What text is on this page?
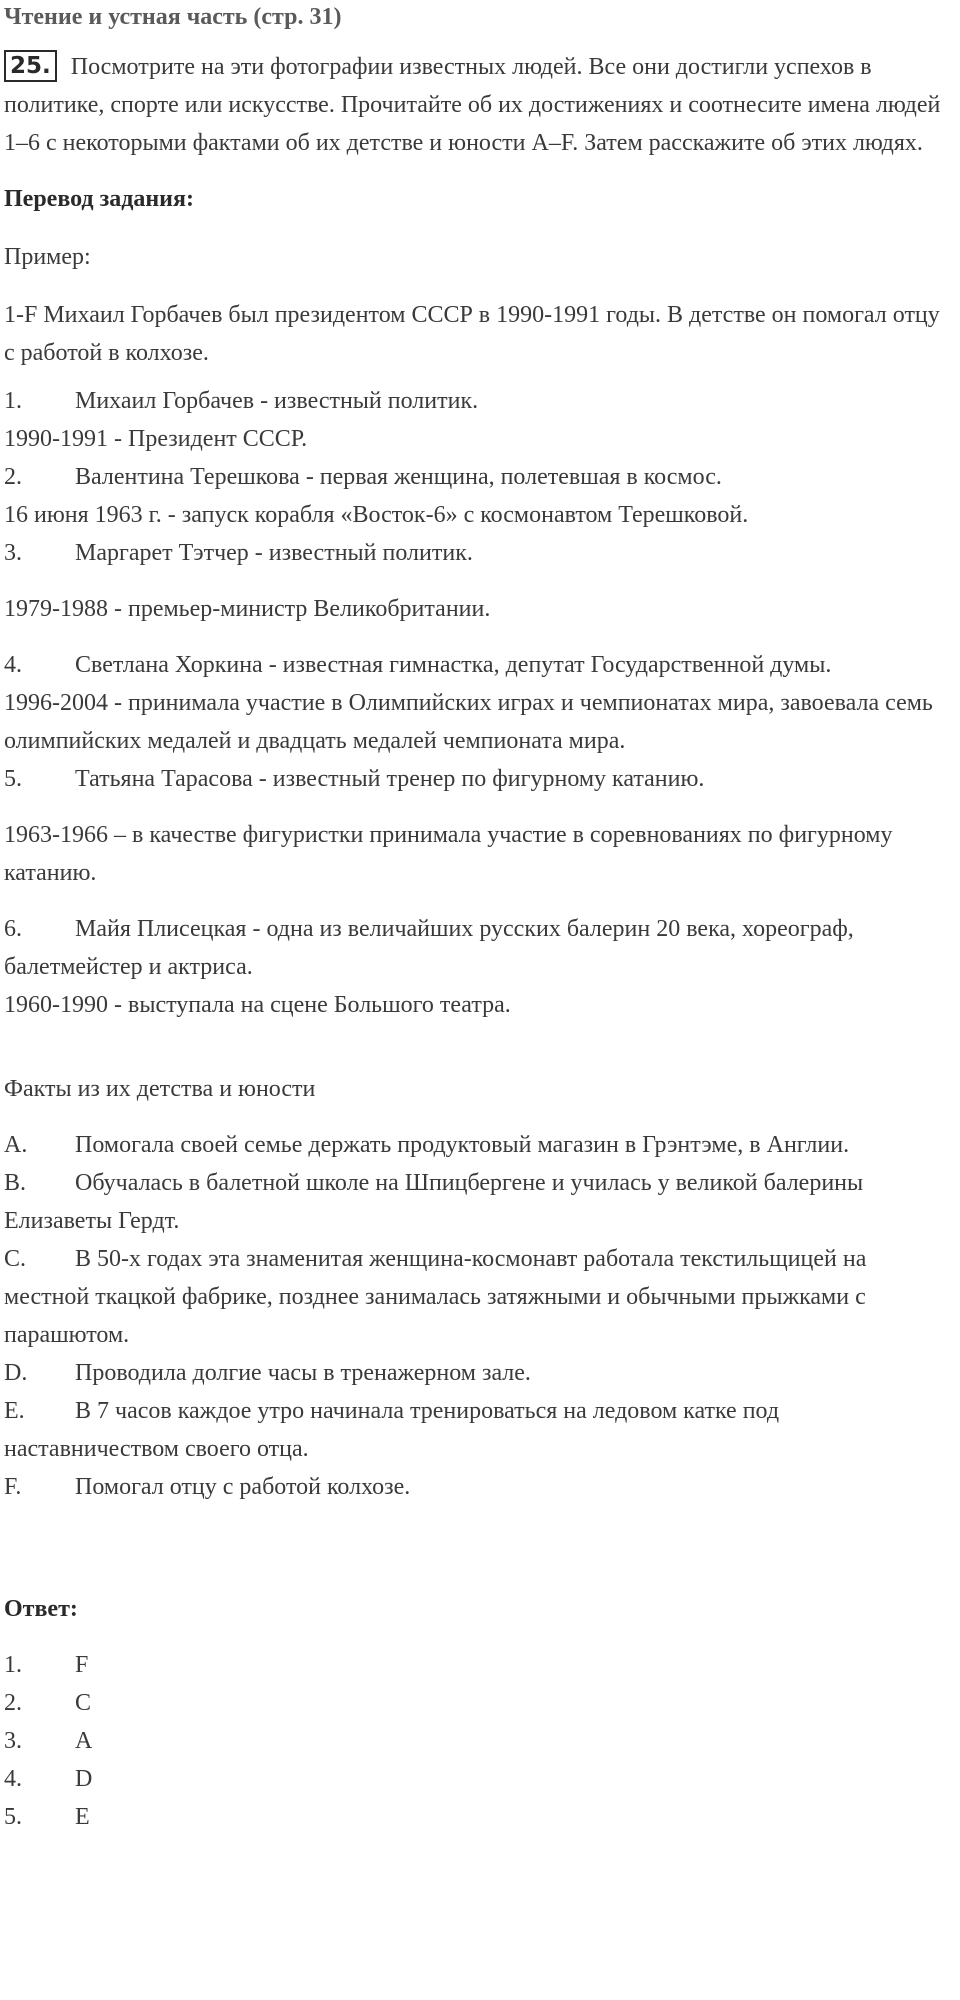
Чтение и устная часть (стр. 31)

25. Посмотрите на эти фотографии известных людей. Все они достигли успехов в политике, спорте или искусстве. Прочитайте об их достижениях и соотнесите имена людей 1–6 с некоторыми фактами об их детстве и юности A–F. Затем расскажите об этих людях.

Перевод задания:
Пример:

1-F Михаил Горбачев был президентом СССР в 1990-1991 годы. В детстве он помогал отцу с работой в колхозе.

1. Михаил Горбачев - известный политик.
1990-1991 - Президент СССР.
2. Валентина Терешкова - первая женщина, полетевшая в космос.
16 июня 1963 г. - запуск корабля «Восток-6» с космонавтом Терешковой.
3. Маргарет Тэтчер - известный политик.
1979-1988 - премьер-министр Великобритании.
4. Светлана Хоркина - известная гимнастка, депутат Государственной думы.
1996-2004 - принимала участие в Олимпийских играх и чемпионатах мира, завоевала семь олимпийских медалей и двадцать медалей чемпионата мира.
5. Татьяна Тарасова - известный тренер по фигурному катанию.
1963-1966 – в качестве фигуристки принимала участие в соревнованиях по фигурному катанию.
6. Майя Плисецкая - одна из величайших русских балерин 20 века, хореограф, балетмейстер и актриса.
1960-1990 - выступала на сцене Большого театра.
Факты из их детства и юности
A. Помогала своей семье держать продуктовый магазин в Грэнтэме, в Англии.
B. Обучалась в балетной школе на Шпицбергене и училась у великой балерины Елизаветы Гердт.
C. В 50-х годах эта знаменитая женщина-космонавт работала текстильщицей на местной ткацкой фабрике, позднее занималась затяжными и обычными прыжками с парашютом.
D. Проводила долгие часы в тренажерном зале.
E. В 7 часов каждое утро начинала тренироваться на ледовом катке под наставничеством своего отца.
F. Помогал отцу с работой колхозе.
Ответ:
1. F
2. C
3. A
4. D
5. E
